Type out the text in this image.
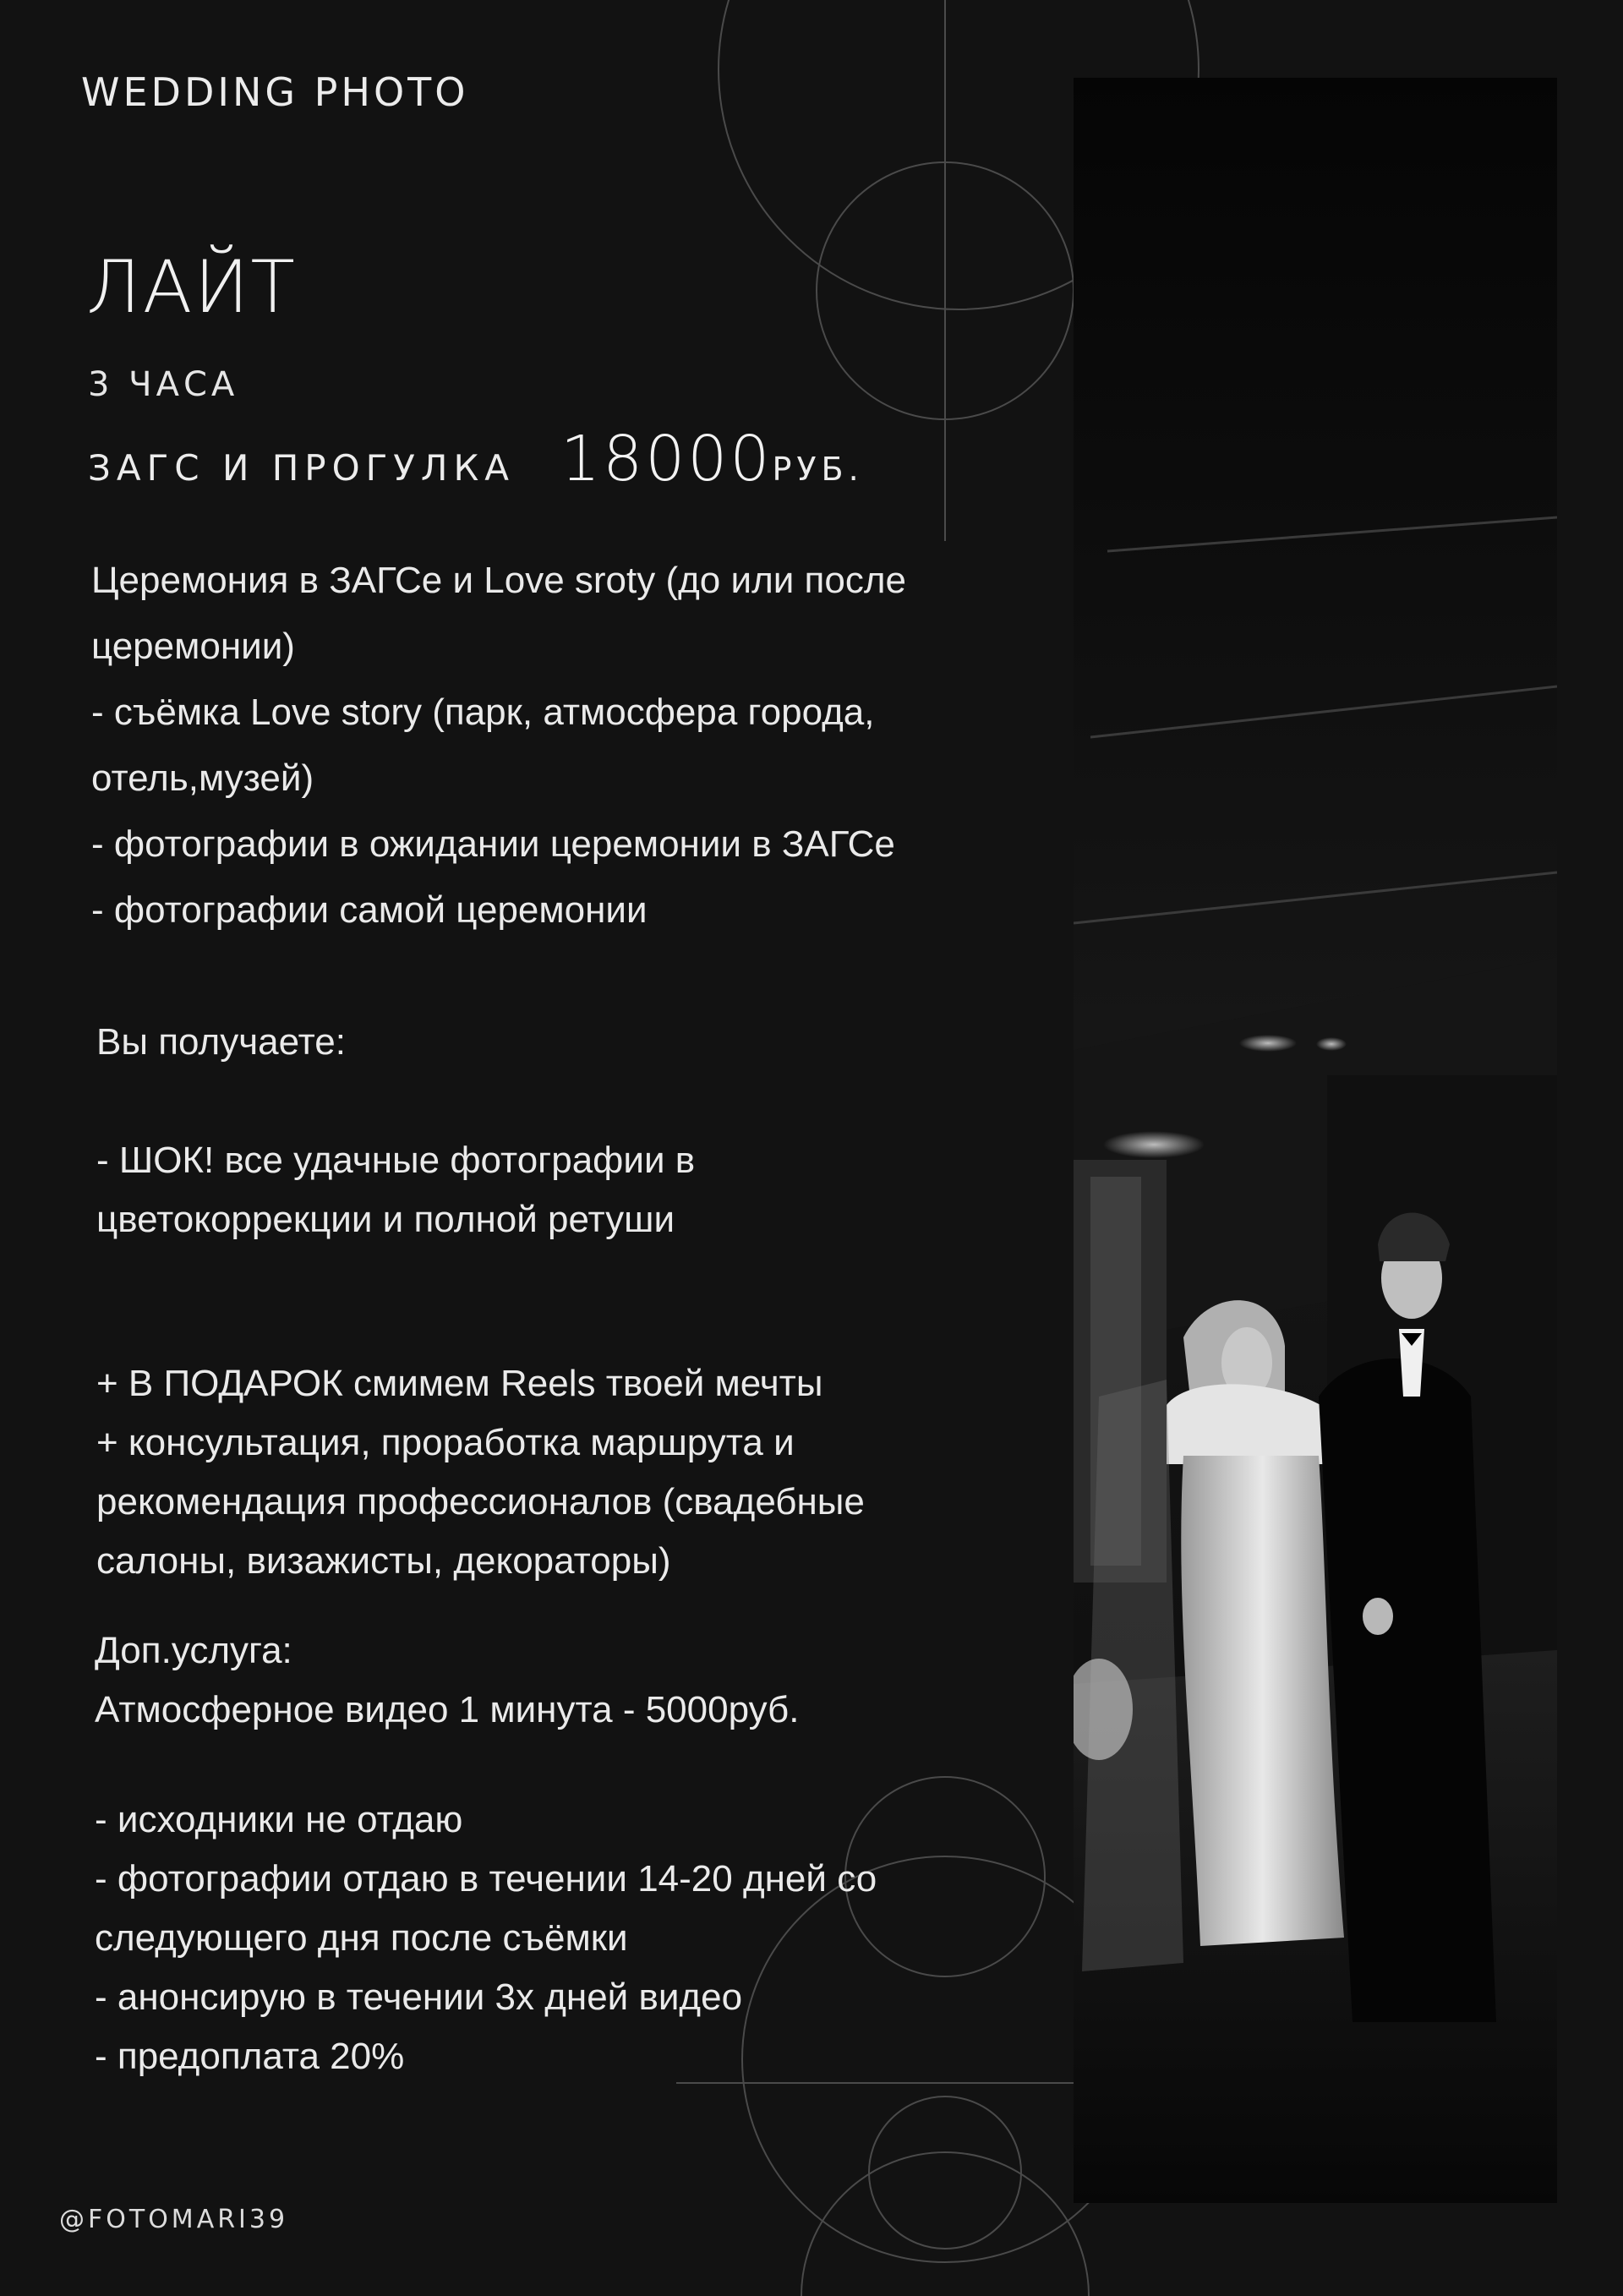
WEDDING PHOTO
ЛАЙТ
3 ЧАСА
ЗАГС И ПРОГУЛКА 18000 РУБ.

Церемония в ЗАГСе и Love sroty (до или после

церемонии)

- съёмка Love story (парк, атмосфера города,

отель,музей)

- фотографии в ожидании церемонии в ЗАГСе

- фотографии самой церемонии

Вы получаете:

- ШОК! все удачные фотографии в

цветокоррекции и полной ретуши

+ В ПОДАРОК смимем Reels твоей мечты

+ консультация, проработка маршрута и

рекомендация профессионалов (свадебные

салоны, визажисты, декораторы)

Доп.услуга:

Атмосферное видео 1 минута - 5000руб.

- исходники не отдаю

- фотографии отдаю в течении 14-20 дней со

следующего дня после съёмки

- анонсирую в течении 3х дней видео

- предоплата 20%

@FOTOMARI39
